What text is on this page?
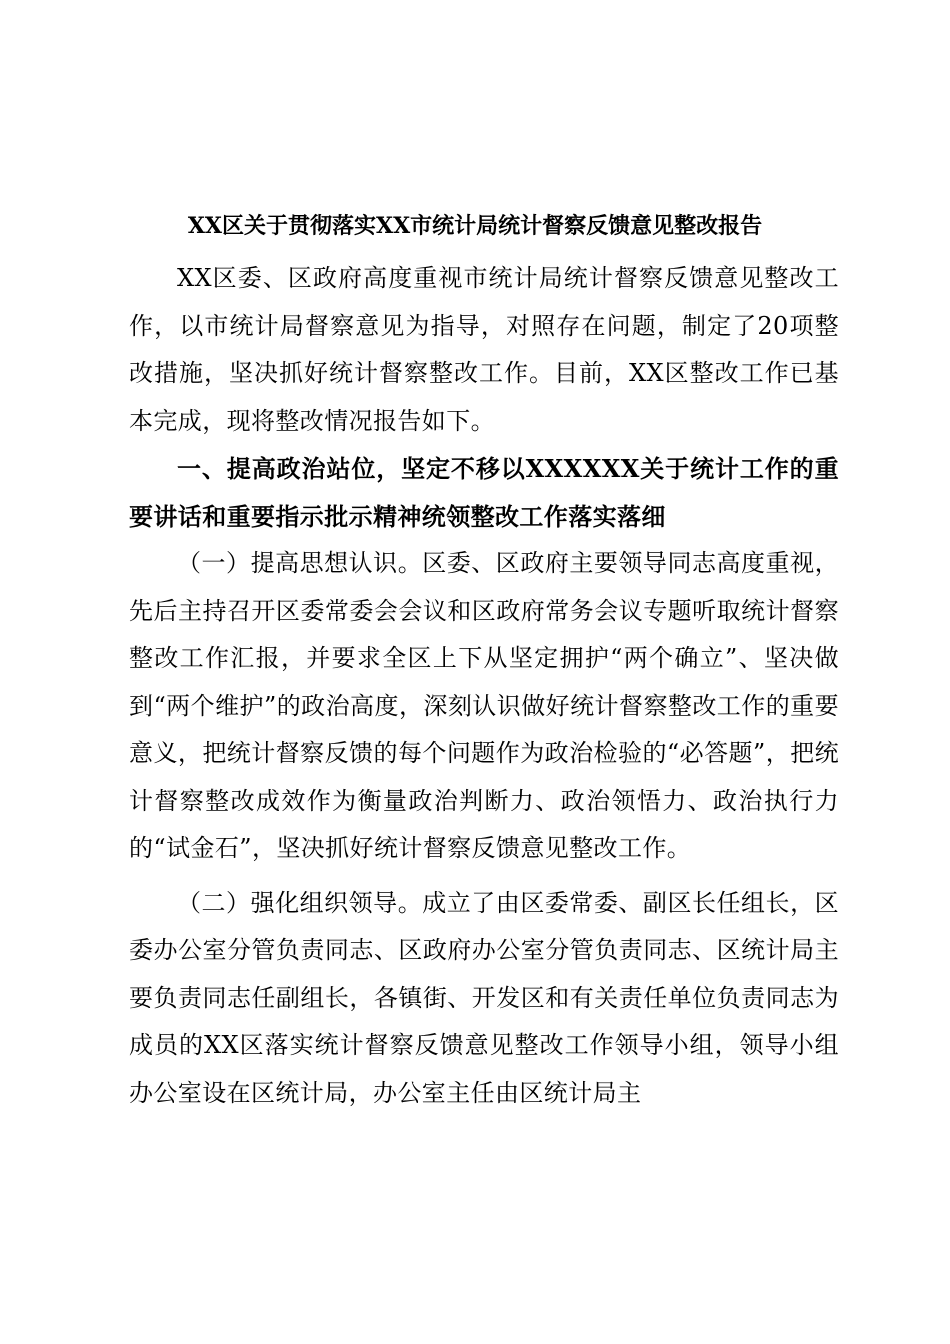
XX区关于贯彻落实XX市统计局统计督察反馈意见整改报告

XX区委、区政府高度重视市统计局统计督察反馈意见整改工作，以市统计局督察意见为指导，对照存在问题，制定了20项整改措施，坚决抓好统计督察整改工作。目前，XX区整改工作已基本完成，现将整改情况报告如下。

一、提高政治站位，坚定不移以XXXXXX关于统计工作的重要讲话和重要指示批示精神统领整改工作落实落细

（一）提高思想认识。区委、区政府主要领导同志高度重视，先后主持召开区委常委会会议和区政府常务会议专题听取统计督察整改工作汇报，并要求全区上下从坚定拥护“两个确立”、坚决做到“两个维护”的政治高度，深刻认识做好统计督察整改工作的重要意义，把统计督察反馈的每个问题作为政治检验的“必答题”，把统计督察整改成效作为衡量政治判断力、政治领悟力、政治执行力的“试金石”，坚决抓好统计督察反馈意见整改工作。

（二）强化组织领导。成立了由区委常委、副区长任组长，区委办公室分管负责同志、区政府办公室分管负责同志、区统计局主要负责同志任副组长，各镇街、开发区和有关责任单位负责同志为成员的XX区落实统计督察反馈意见整改工作领导小组，领导小组办公室设在区统计局，办公室主任由区统计局主
